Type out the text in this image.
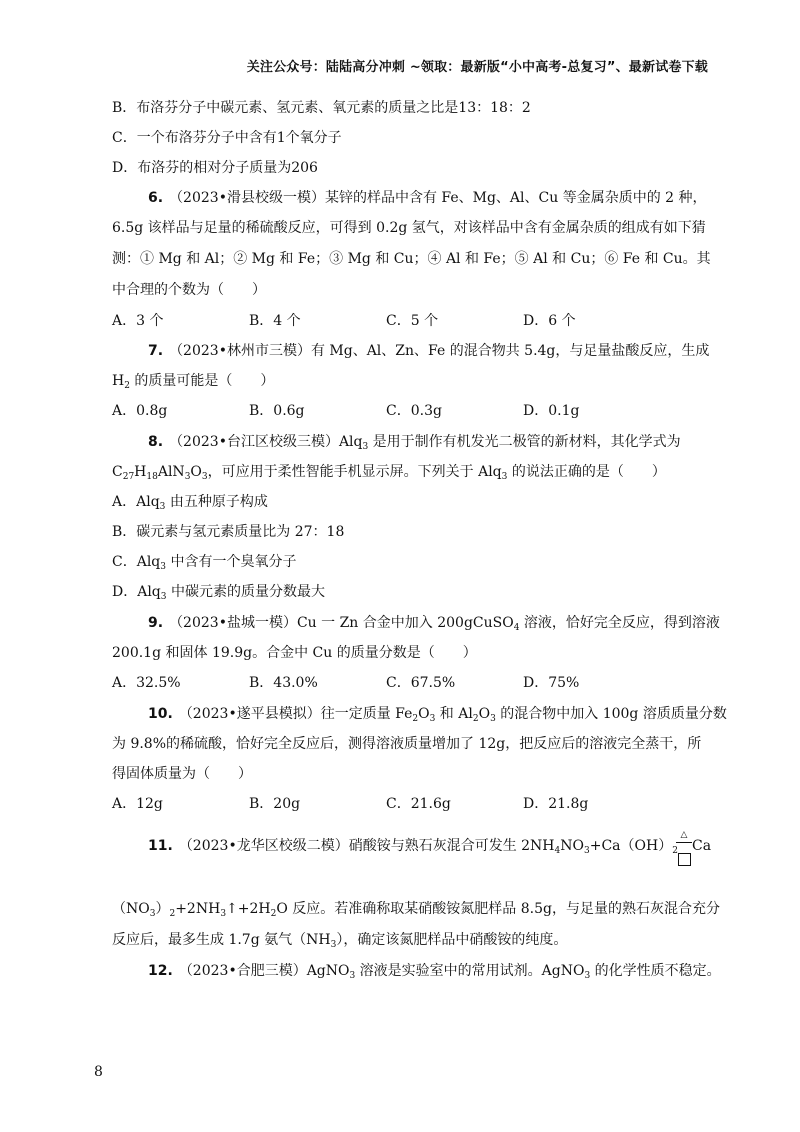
关注公众号：陆陆高分冲刺 ~领取：最新版“小中高考-总复习”、最新试卷下载
B．布洛芬分子中碳元素、氢元素、氧元素的质量之比是13：18：2
C．一个布洛芬分子中含有1个氧分子
D．布洛芬的相对分子质量为206
6. （2023•滑县校级一模）某锌的样品中含有 Fe、Mg、Al、Cu 等金属杂质中的 2 种，
6.5g 该样品与足量的稀硫酸反应，可得到 0.2g 氢气，对该样品中含有金属杂质的组成有如下猜
测：① Mg 和 Al；② Mg 和 Fe；③ Mg 和 Cu；④ Al 和 Fe；⑤ Al 和 Cu；⑥ Fe 和 Cu。其
中合理的个数为（　　）
A．3 个	B．4 个	C．5 个	D．6 个
7. （2023•林州市三模）有 Mg、Al、Zn、Fe 的混合物共 5.4g，与足量盐酸反应，生成
$H_2$ 的质量可能是（　　）
A．0.8g	B．0.6g	C．0.3g	D．0.1g
8. （2023•台江区校级三模）Alq$_3$ 是用于制作有机发光二极管的新材料，其化学式为
$C_{27}H_{18}AlN_3O_3$，可应用于柔性智能手机显示屏。下列关于 Alq$_3$ 的说法正确的是（　　）
A．Alq$_3$ 由五种原子构成
B．碳元素与氢元素质量比为 27：18
C．Alq$_3$ 中含有一个臭氧分子
D．Alq$_3$ 中碳元素的质量分数最大
9. （2023•盐城一模）Cu 一 Zn 合金中加入 200gCuSO$_4$ 溶液，恰好完全反应，得到溶液
200.1g 和固体 19.9g。合金中 Cu 的质量分数是（　　）
A．32.5%	B．43.0%	C．67.5%	D．75%
10. （2023•遂平县模拟）往一定质量 $Fe_2O_3$ 和 $Al_2O_3$ 的混合物中加入 100g 溶质质量分数
为 9.8%的稀硫酸，恰好完全反应后，测得溶液质量增加了 12g，把反应后的溶液完全蒸干，所
得固体质量为（　　）
A．12g	B．20g	C．21.6g	D．21.8g
11. （2023•龙华区校级二模）硝酸铵与熟石灰混合可发生 $2NH_4NO_3+Ca(OH)_2$
△
Ca
$(NO_3)_2+2NH_3↑+2H_2O$ 反应。若准确称取某硝酸铵氮肥样品 8.5g，与足量的熟石灰混合充分
反应后，最多生成 1.7g 氨气$(NH_3)$，确定该氮肥样品中硝酸铵的纯度。
12. （2023•合肥三模）AgNO$_3$ 溶液是实验室中的常用试剂。AgNO$_3$ 的化学性质不稳定。
8
